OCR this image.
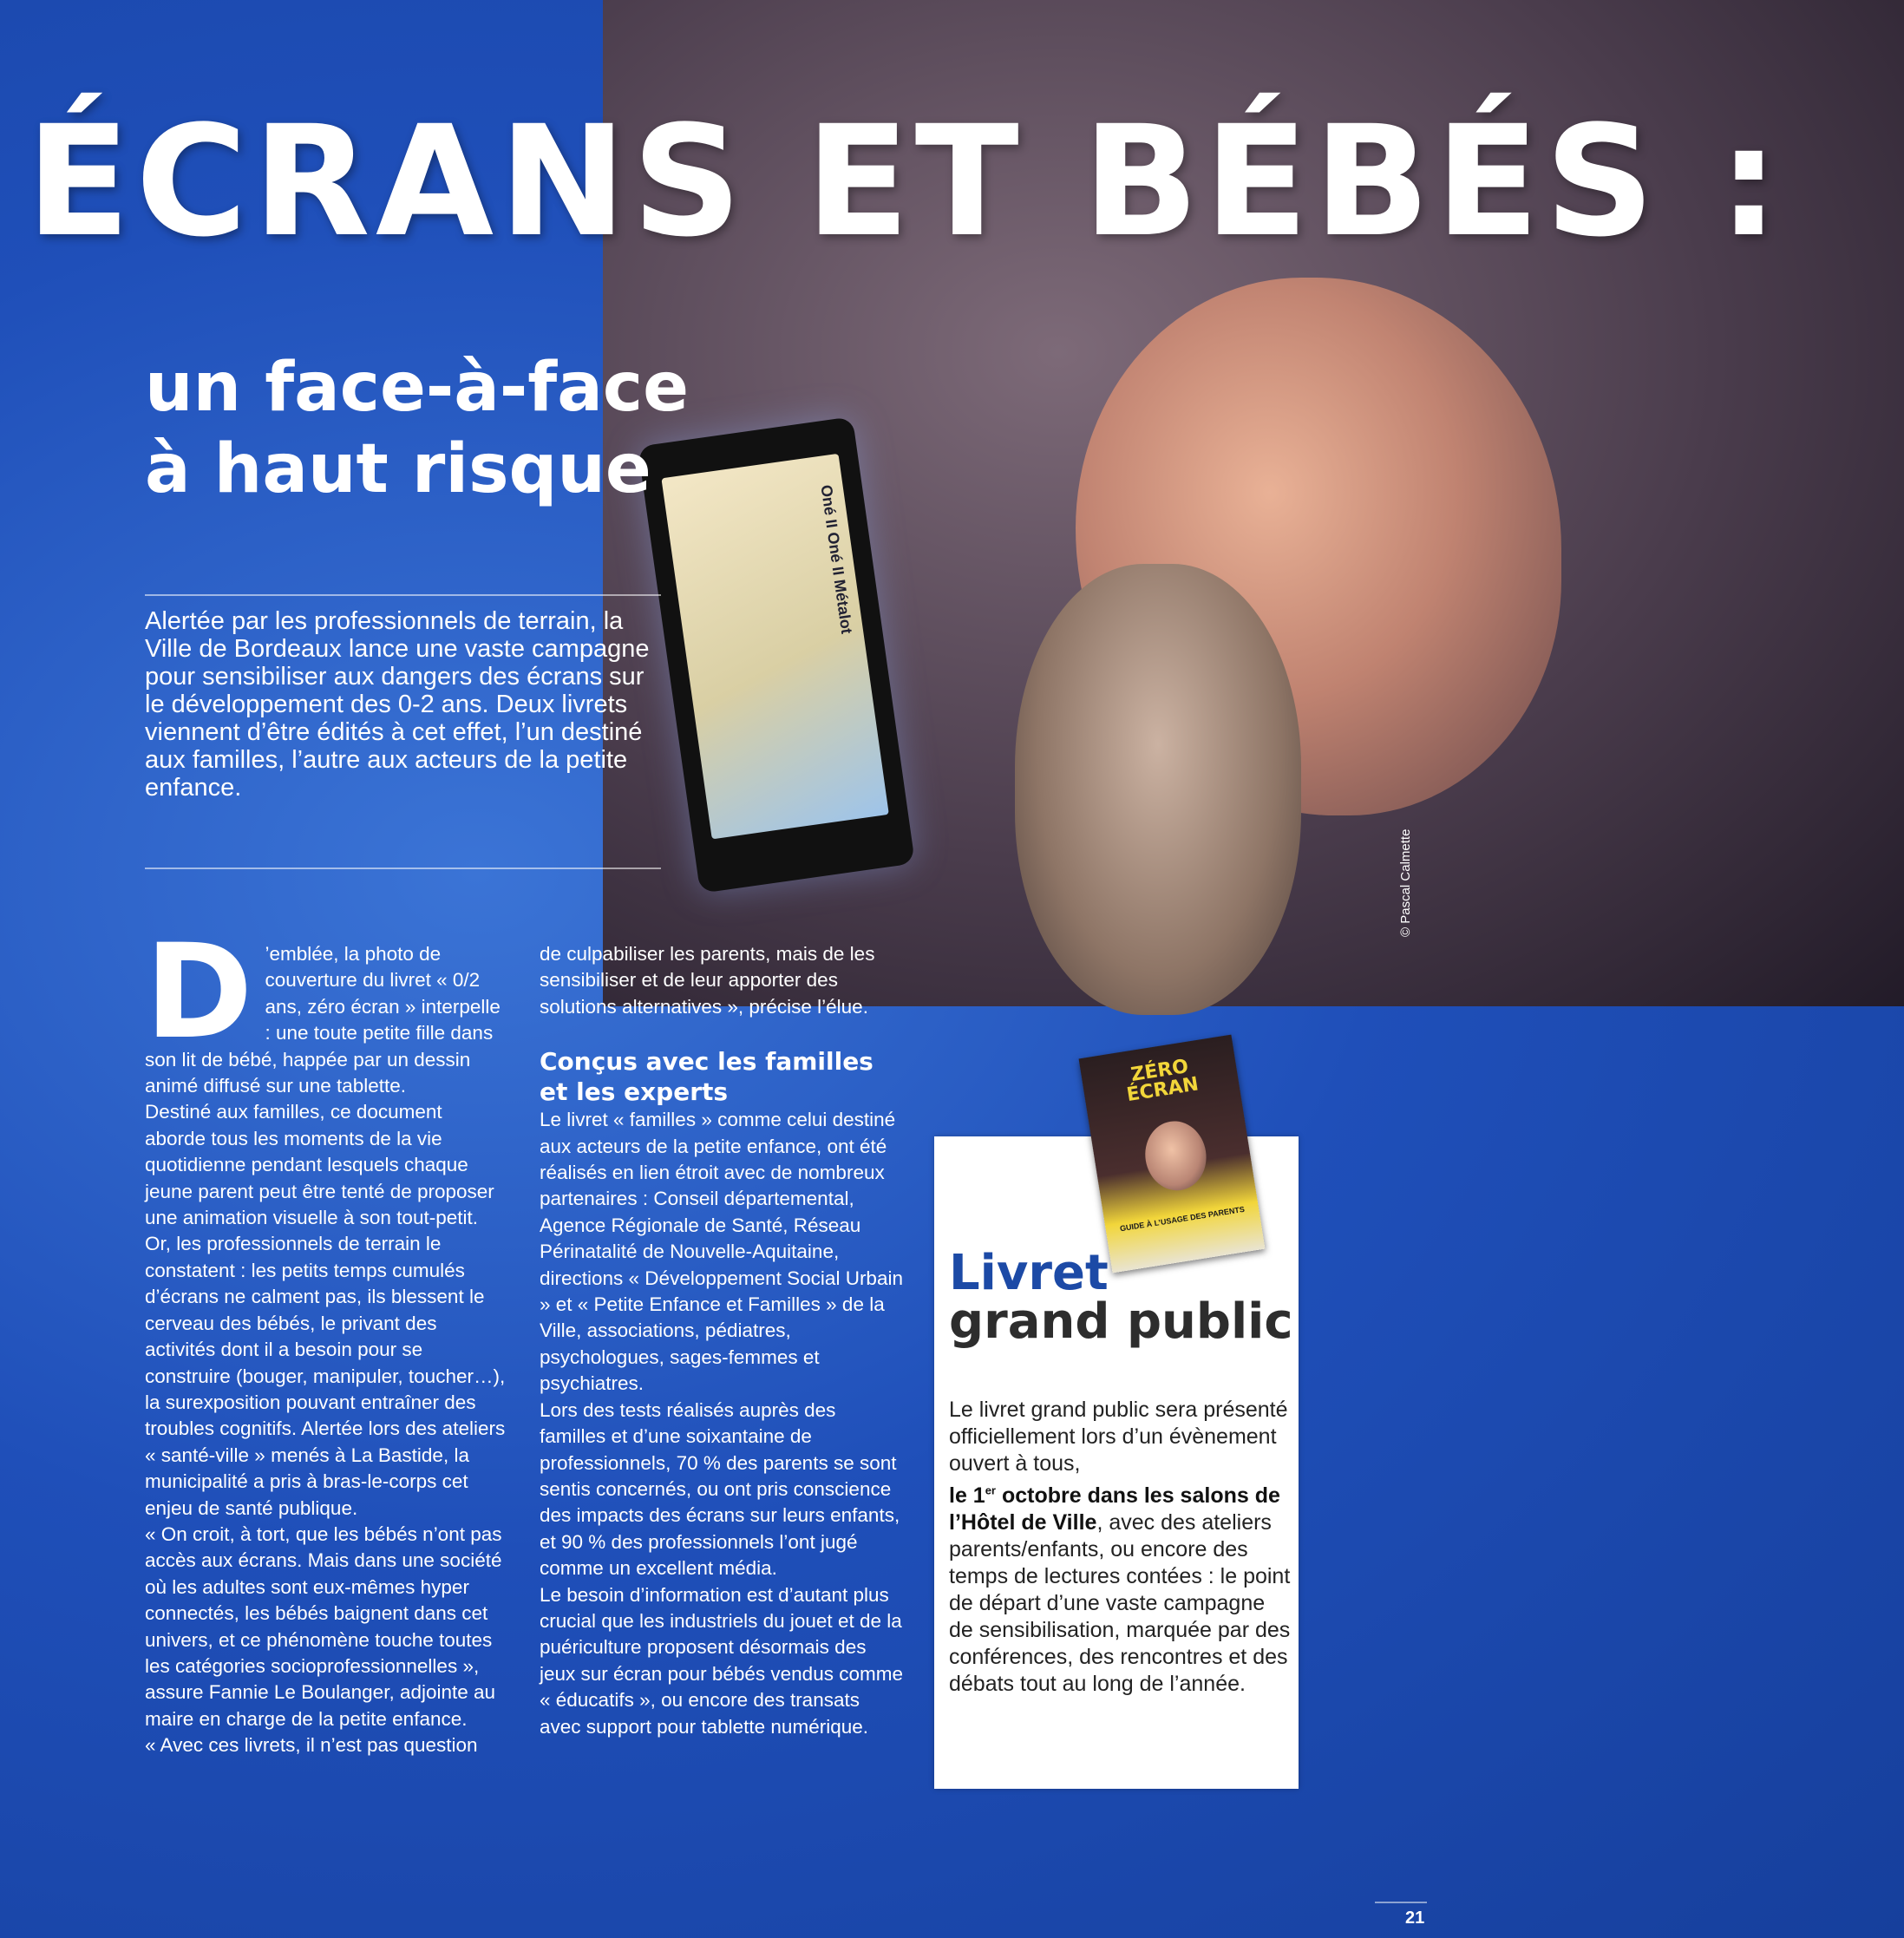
Oné II Oné II Métalot
© Pascal Calmette
ÉCRANS ET BÉBÉS :
un face-à-face
à haut risque
Alertée par les professionnels de terrain, la Ville de Bordeaux lance une vaste campagne pour sensibiliser aux dangers des écrans sur le développement des 0-2 ans. Deux livrets viennent d’être édités à cet effet, l’un destiné aux familles, l’autre aux acteurs de la petite enfance.
D ’emblée, la photo de couverture du livret « 0/2 ans, zéro écran » interpelle : une toute petite fille dans son lit de bébé, happée par un dessin animé diffusé sur une tablette.

Destiné aux familles, ce document aborde tous les moments de la vie quotidienne pendant lesquels chaque jeune parent peut être tenté de proposer une animation visuelle à son tout-petit. Or, les professionnels de terrain le constatent : les petits temps cumulés d’écrans ne calment pas, ils blessent le cerveau des bébés, le privant des activités dont il a besoin pour se construire (bouger, manipuler, toucher…), la surexposition pouvant entraîner des troubles cognitifs. Alertée lors des ateliers « santé-ville » menés à La Bastide, la municipalité a pris à bras-le-corps cet enjeu de santé publique.

« On croit, à tort, que les bébés n’ont pas accès aux écrans. Mais dans une société où les adultes sont eux-mêmes hyper connectés, les bébés baignent dans cet univers, et ce phénomène touche toutes les catégories socioprofessionnelles », assure Fannie Le Boulanger, adjointe au maire en charge de la petite enfance.

« Avec ces livrets, il n’est pas question

de culpabiliser les parents, mais de les sensibiliser et de leur apporter des solutions alternatives », précise l’élue.

Conçus avec les familles et les experts

Le livret « familles » comme celui destiné aux acteurs de la petite enfance, ont été réalisés en lien étroit avec de nombreux partenaires : Conseil départemental, Agence Régionale de Santé, Réseau Périnatalité de Nouvelle-Aquitaine, directions « Développement Social Urbain » et « Petite Enfance et Familles » de la Ville, associations, pédiatres, psychologues, sages-femmes et psychiatres.

Lors des tests réalisés auprès des familles et d’une soixantaine de professionnels, 70 % des parents se sont sentis concernés, ou ont pris conscience des impacts des écrans sur leurs enfants, et 90 % des professionnels l’ont jugé comme un excellent média.

Le besoin d’information est d’autant plus crucial que les industriels du jouet et de la puériculture proposent désormais des jeux sur écran pour bébés vendus comme « éducatifs », ou encore des transats avec support pour tablette numérique.

Livret
grand public
Le livret grand public sera présenté officiellement lors d’un évènement ouvert à tous,
le 1er octobre dans les salons de l’Hôtel de Ville, avec des ateliers parents/enfants, ou encore des temps de lectures contées : le point de départ d’une vaste campagne de sensibilisation, marquée par des conférences, des rencontres et des débats tout au long de l’année.
ZÉRO ÉCRAN
GUIDE À L’USAGE DES PARENTS
21
